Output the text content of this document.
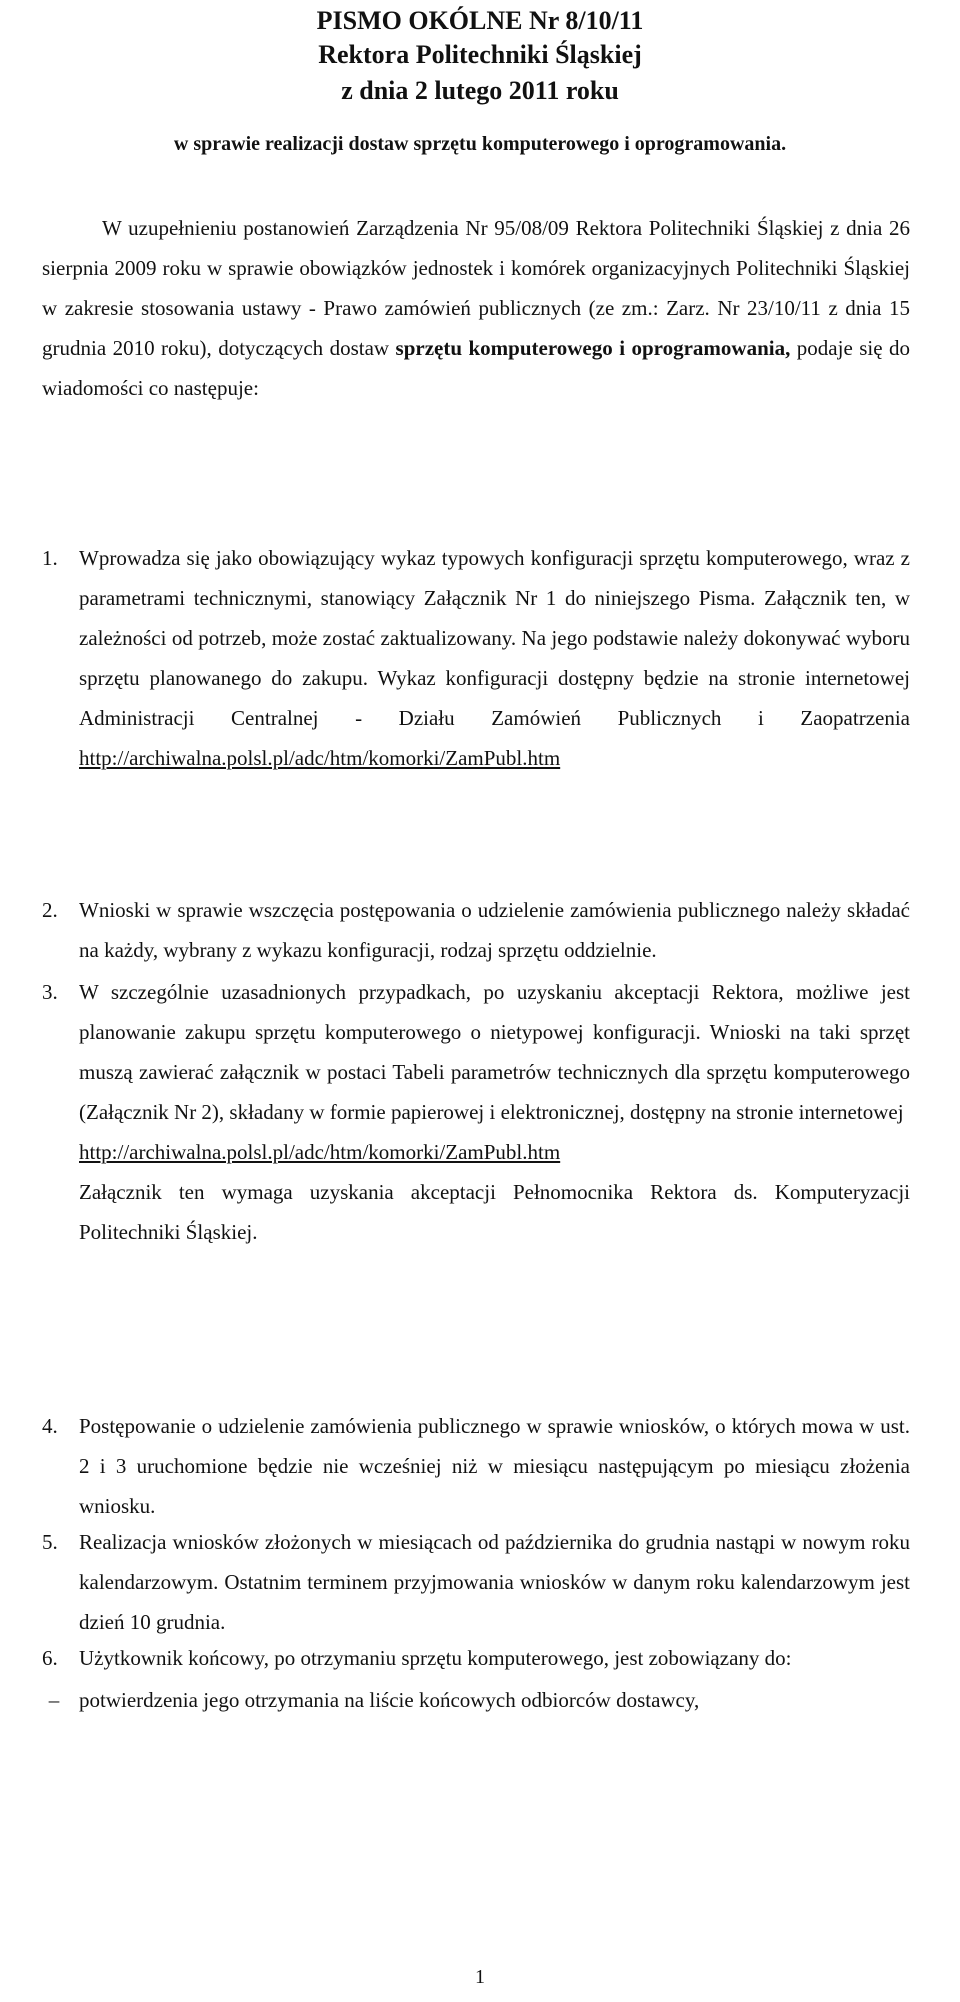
PISMO OKÓLNE Nr 8/10/11
Rektora Politechniki Śląskiej
z dnia 2 lutego 2011 roku
w sprawie realizacji dostaw sprzętu komputerowego i oprogramowania.
W uzupełnieniu postanowień Zarządzenia Nr 95/08/09 Rektora Politechniki Śląskiej z dnia 26 sierpnia 2009 roku w sprawie obowiązków jednostek i komórek organizacyjnych Politechniki Śląskiej w zakresie stosowania ustawy - Prawo zamówień publicznych (ze zm.: Zarz. Nr 23/10/11 z dnia 15 grudnia 2010 roku), dotyczących dostaw sprzętu komputerowego i oprogramowania, podaje się do wiadomości co następuje:
1.	Wprowadza się jako obowiązujący wykaz typowych konfiguracji sprzętu komputerowego, wraz z parametrami technicznymi, stanowiący Załącznik Nr 1 do niniejszego Pisma. Załącznik ten, w zależności od potrzeb, może zostać zaktualizowany. Na jego podstawie należy dokonywać wyboru sprzętu planowanego do zakupu. Wykaz konfiguracji dostępny będzie na stronie internetowej Administracji Centralnej - Działu Zamówień Publicznych i Zaopatrzenia http://archiwalna.polsl.pl/adc/htm/komorki/ZamPubl.htm
2.	Wnioski w sprawie wszczęcia postępowania o udzielenie zamówienia publicznego należy składać na każdy, wybrany z wykazu konfiguracji, rodzaj sprzętu oddzielnie.
3.	W szczególnie uzasadnionych przypadkach, po uzyskaniu akceptacji Rektora, możliwe jest planowanie zakupu sprzętu komputerowego o nietypowej konfiguracji. Wnioski na taki sprzęt muszą zawierać załącznik w postaci Tabeli parametrów technicznych dla sprzętu komputerowego (Załącznik Nr 2), składany w formie papierowej i elektronicznej, dostępny na stronie internetowej
http://archiwalna.polsl.pl/adc/htm/komorki/ZamPubl.htm
Załącznik ten wymaga uzyskania akceptacji Pełnomocnika Rektora ds. Komputeryzacji Politechniki Śląskiej.
4.	Postępowanie o udzielenie zamówienia publicznego w sprawie wniosków, o których mowa w ust. 2 i 3 uruchomione będzie nie wcześniej niż w miesiącu następującym po miesiącu złożenia wniosku.
5.	Realizacja wniosków złożonych w miesiącach od października do grudnia nastąpi w nowym roku kalendarzowym. Ostatnim terminem przyjmowania wniosków w danym roku kalendarzowym jest dzień 10 grudnia.
6.	Użytkownik końcowy, po otrzymaniu sprzętu komputerowego, jest zobowiązany do:
– potwierdzenia jego otrzymania na liście końcowych odbiorców dostawcy,
1
